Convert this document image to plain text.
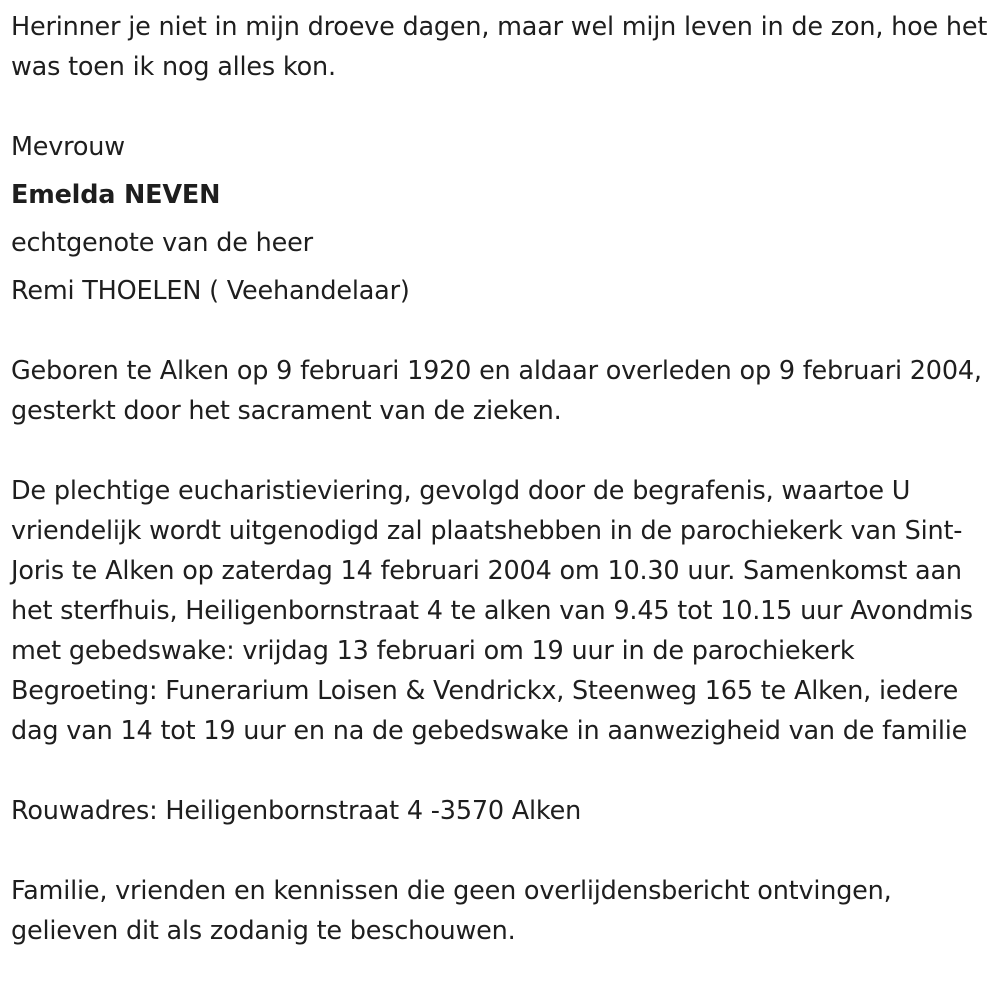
Herinner je niet in mijn droeve dagen, maar wel mijn leven in de zon, hoe het was toen ik nog alles kon.

Mevrouw
Emelda NEVEN
echtgenote van de heer
Remi THOELEN ( Veehandelaar)

Geboren te Alken op 9 februari 1920 en aldaar overleden op 9 februari 2004, gesterkt door het sacrament van de zieken.

De plechtige eucharistieviering, gevolgd door de begrafenis, waartoe U vriendelijk wordt uitgenodigd zal plaatshebben in de parochiekerk van Sint-Joris te Alken op zaterdag 14 februari 2004 om 10.30 uur. Samenkomst aan het sterfhuis, Heiligenbornstraat 4 te alken van 9.45 tot 10.15 uur Avondmis met gebedswake: vrijdag 13 februari om 19 uur in de parochiekerk Begroeting: Funerarium Loisen & Vendrickx, Steenweg 165 te Alken, iedere dag van 14 tot 19 uur en na de gebedswake in aanwezigheid van de familie

Rouwadres: Heiligenbornstraat 4 -3570 Alken

Familie, vrienden en kennissen die geen overlijdensbericht ontvingen, gelieven dit als zodanig te beschouwen.
